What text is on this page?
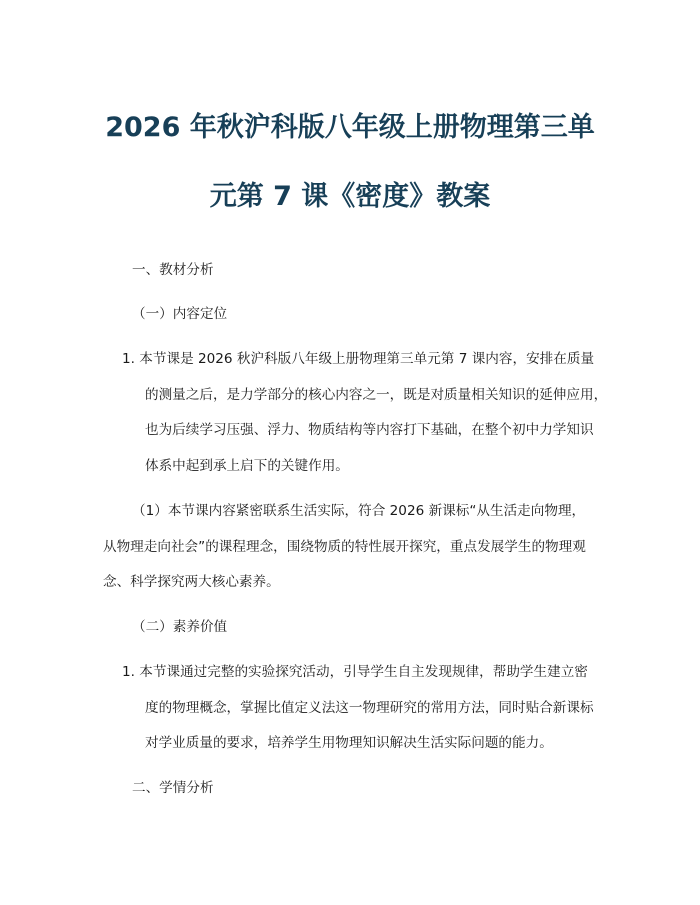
2026 年秋沪科版八年级上册物理第三单
元第 7 课《密度》教案

一、教材分析

（一）内容定位

1. 本节课是 2026 秋沪科版八年级上册物理第三单元第 7 课内容，安排在质量

的测量之后，是力学部分的核心内容之一，既是对质量相关知识的延伸应用，

也为后续学习压强、浮力、物质结构等内容打下基础，在整个初中力学知识

体系中起到承上启下的关键作用。

（1）本节课内容紧密联系生活实际，符合 2026 新课标“从生活走向物理，

从物理走向社会”的课程理念，围绕物质的特性展开探究，重点发展学生的物理观

念、科学探究两大核心素养。

（二）素养价值

1. 本节课通过完整的实验探究活动，引导学生自主发现规律，帮助学生建立密

度的物理概念，掌握比值定义法这一物理研究的常用方法，同时贴合新课标

对学业质量的要求，培养学生用物理知识解决生活实际问题的能力。

二、学情分析
